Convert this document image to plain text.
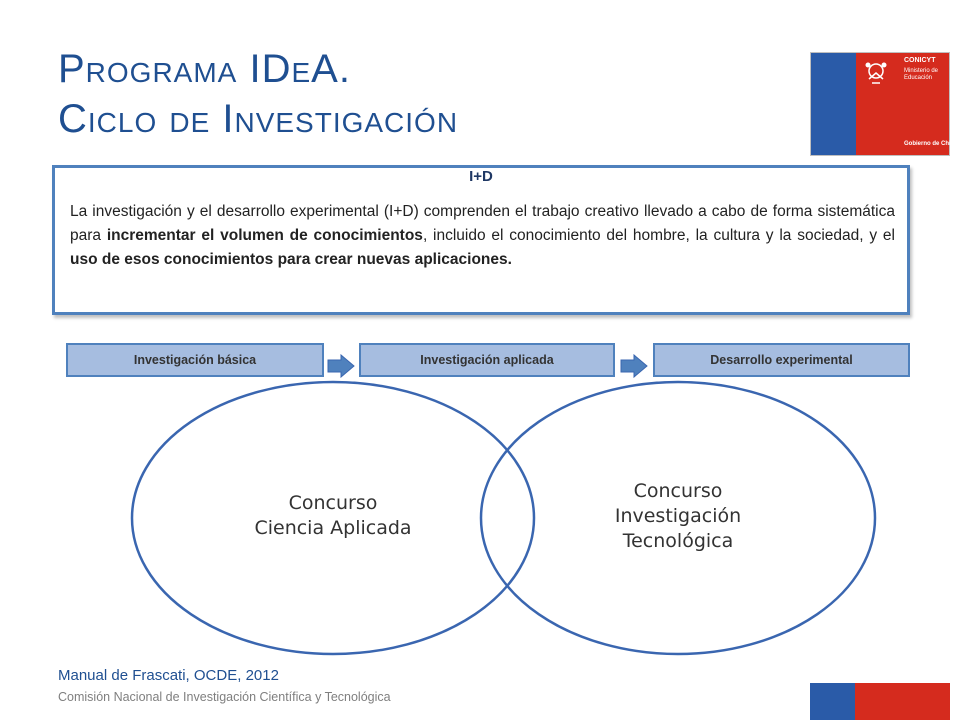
Programa IDeA.
Ciclo de Investigación
CONICYT
Ministerio de Educación
Gobierno de Chile
I+D
La investigación y el desarrollo experimental (I+D) comprenden el trabajo creativo llevado a cabo de forma sistemática para incrementar el volumen de conocimientos, incluido el conocimiento del hombre, la cultura y la sociedad, y el uso de esos conocimientos para crear nuevas aplicaciones.
Investigación básica	Investigación aplicada	Desarrollo experimental
Concurso
Ciencia Aplicada
Concurso
Investigación
Tecnológica
Manual de Frascati, OCDE, 2012
Comisión Nacional de Investigación Científica y Tecnológica
